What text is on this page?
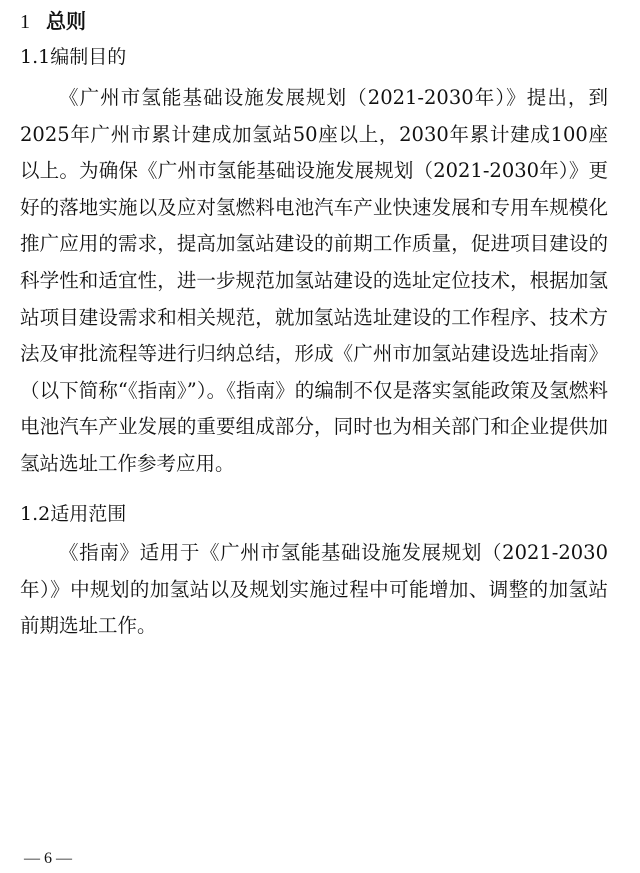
1 总则
1.1编制目的

《广州市氢能基础设施发展规划（2021-2030年）》提出，到2025年广州市累计建成加氢站50座以上，2030年累计建成100座以上。为确保《广州市氢能基础设施发展规划（2021-2030年）》更好的落地实施以及应对氢燃料电池汽车产业快速发展和专用车规模化推广应用的需求，提高加氢站建设的前期工作质量，促进项目建设的科学性和适宜性，进一步规范加氢站建设的选址定位技术，根据加氢站项目建设需求和相关规范，就加氢站选址建设的工作程序、技术方法及审批流程等进行归纳总结，形成《广州市加氢站建设选址指南》（以下简称“《指南》”）。《指南》的编制不仅是落实氢能政策及氢燃料电池汽车产业发展的重要组成部分，同时也为相关部门和企业提供加氢站选址工作参考应用。

1.2适用范围

《指南》适用于《广州市氢能基础设施发展规划（2021-2030年）》中规划的加氢站以及规划实施过程中可能增加、调整的加氢站前期选址工作。

— 6 —
